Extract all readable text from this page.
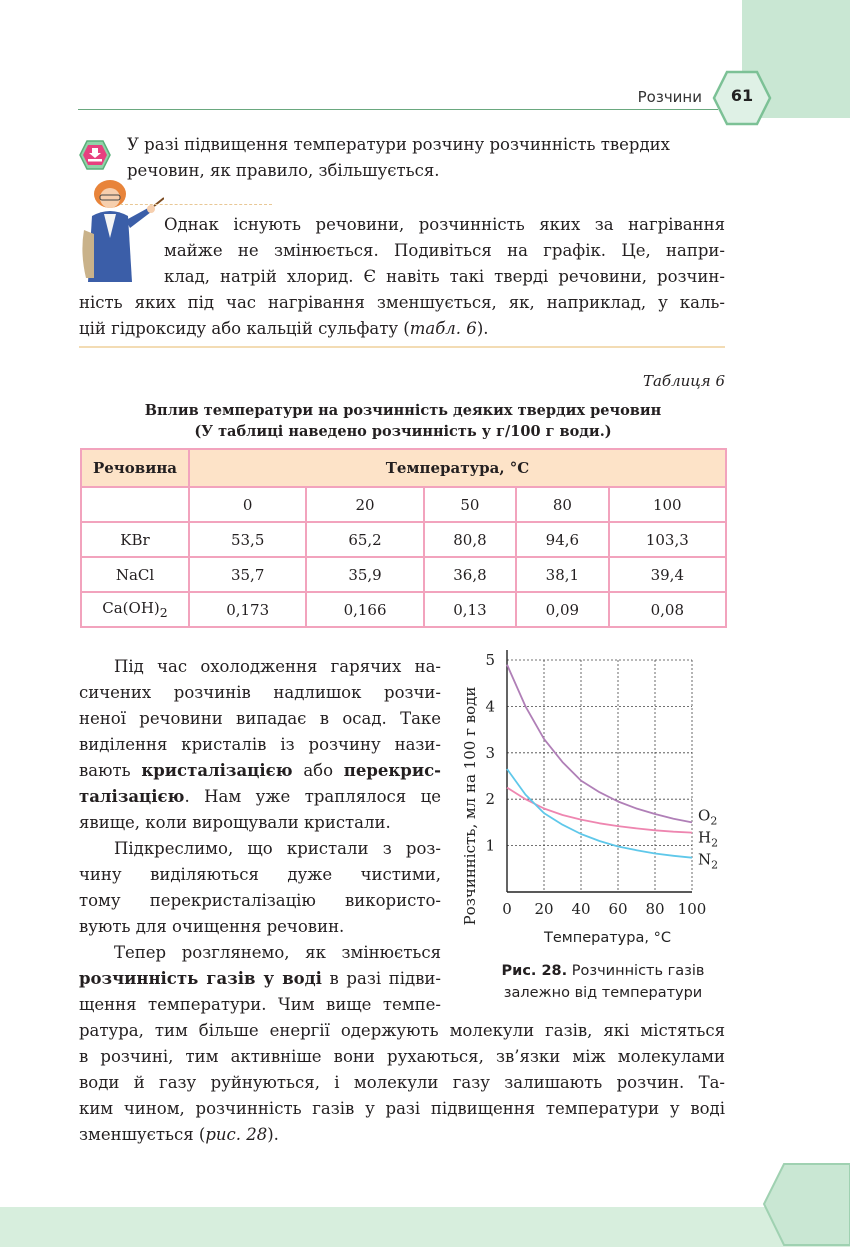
Розчини	61
У разі підвищення температури розчину розчинність твердих
речовин, як правило, збільшується.
Однак існують речовини, розчинність яких за нагрівання
майже не змінюється. Подивіться на графік. Це, напри-
клад, натрій хлорид. Є навіть такі тверді речовини, розчин-
ність яких під час нагрівання зменшується, як, наприклад, у каль-
цій гідроксиду або кальцій сульфату (табл. 6).
Таблиця 6
Вплив температури на розчинність деяких твердих речовин
(У таблиці наведено розчинність у г/100 г води.)
Речовина	Температура, °С				
	0	20	50	80	100
KBr	53,5	65,2	80,8	94,6	103,3
NaCl	35,7	35,9	36,8	38,1	39,4
$Ca(OH)_2$	0,173	0,166	0,13	0,09	0,08
Під час охолодження гарячих на-
сичених розчинів надлишок розчи-
неної речовини випадає в осад. Таке
виділення кристалів із розчину нази-
вають кристалізацією або перекрис-
талізацією. Нам уже траплялося це
явище, коли вирощували кристали.
Підкреслимо, що кристали з роз-
чину виділяються дуже чистими,
тому перекристалізацію використо-
вують для очищення речовин.
Тепер розглянемо, як змінюється
розчинність газів у воді в разі підви-
щення температури. Чим вище темпе-
ратура, тим більше енергії одержують молекули газів, які містяться
в розчині, тим активніше вони рухаються, зв’язки між молекулами
води й газу руйнуються, і молекули газу залишають розчин. Та-
ким чином, розчинність газів у разі підвищення температури у воді
зменшується (рис. 28).
0 20 40 60 80 100
1
2
3
4
5
Температура, °С
Розчинність, мл на 100 г води	$O_2$
$H_2$
$N_2$
Рис. 28. Розчинність газів
залежно від температури
